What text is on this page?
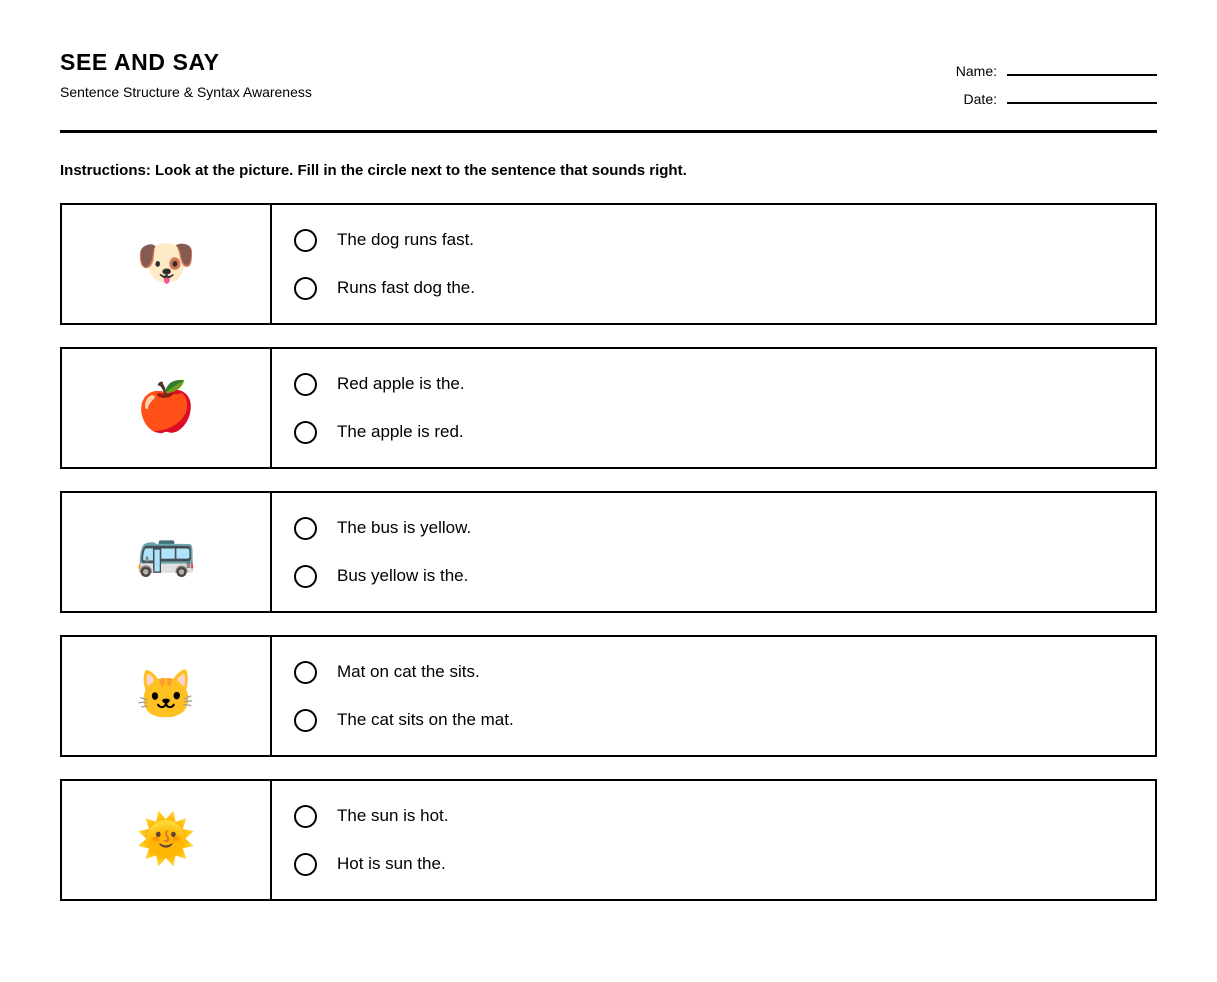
SEE AND SAY

Sentence Structure & Syntax Awareness

Name:
Date:
Instructions: Look at the picture. Fill in the circle next to the sentence that sounds right.
🐶	The dog runs fast.
Runs fast dog the.
🍎	Red apple is the.
The apple is red.
🚌	The bus is yellow.
Bus yellow is the.
🐱	Mat on cat the sits.
The cat sits on the mat.
🌞	The sun is hot.
Hot is sun the.
